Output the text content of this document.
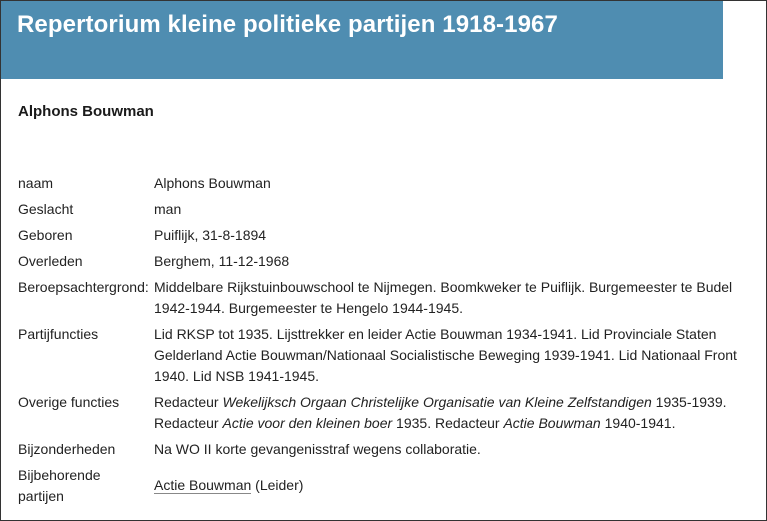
Repertorium kleine politieke partijen 1918-1967
Alphons Bouwman
naam	Alphons Bouwman
Geslacht	man
Geboren	Puiflijk, 31-8-1894
Overleden	Berghem, 11-12-1968
Beroepsachtergrond:	Middelbare Rijkstuinbouwschool te Nijmegen. Boomkweker te Puiflijk. Burgemeester te Budel 1942-1944. Burgemeester te Hengelo 1944-1945.
Partijfuncties	Lid RKSP tot 1935. Lijsttrekker en leider Actie Bouwman 1934-1941. Lid Provinciale Staten Gelderland Actie Bouwman/Nationaal Socialistische Beweging 1939-1941. Lid Nationaal Front 1940. Lid NSB 1941-1945.
Overige functies	Redacteur Wekelijksch Orgaan Christelijke Organisatie van Kleine Zelfstandigen 1935-1939. Redacteur Actie voor den kleinen boer 1935. Redacteur Actie Bouwman 1940-1941.
Bijzonderheden	Na WO II korte gevangenisstraf wegens collaboratie.
Bijbehorende
partijen	Actie Bouwman (Leider)
